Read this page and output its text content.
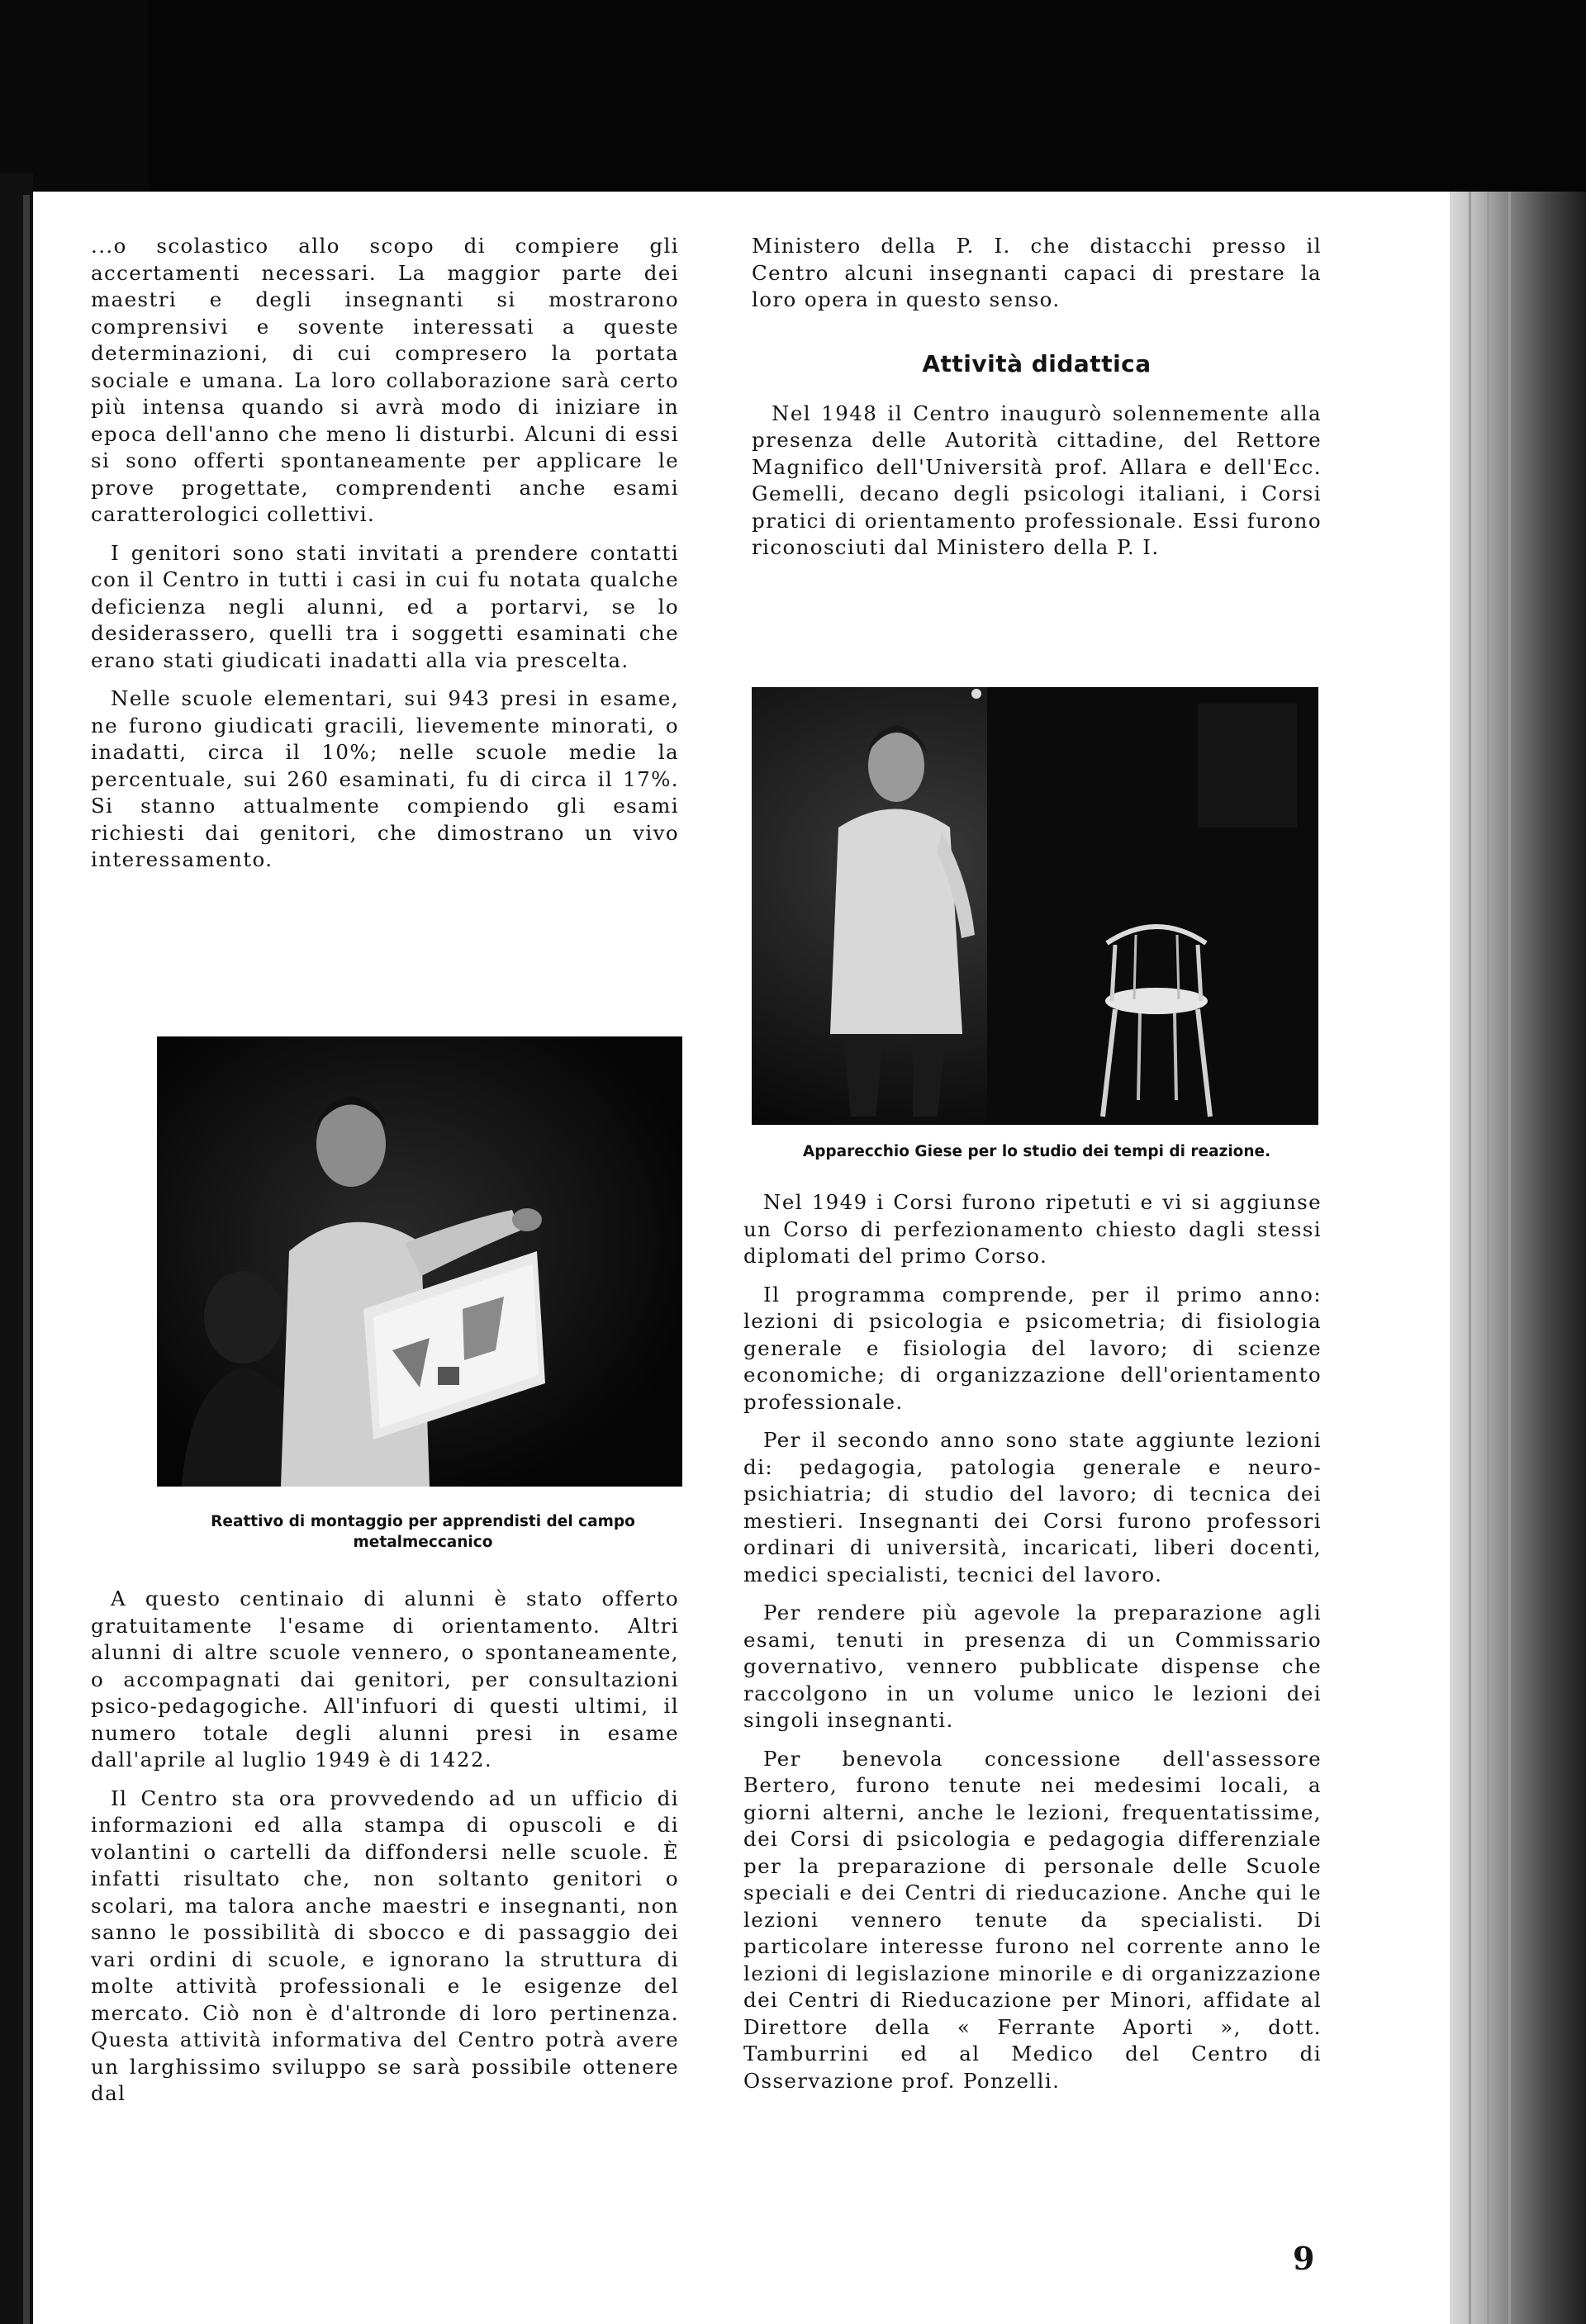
...o scolastico allo scopo di compiere gli accertamenti necessari. La maggior parte dei maestri e degli insegnanti si mostrarono comprensivi e sovente interessati a queste determinazioni, di cui compresero la portata sociale e umana. La loro collaborazione sarà certo più intensa quando si avrà modo di iniziare in epoca dell'anno che meno li disturbi. Alcuni di essi si sono offerti spontaneamente per applicare le prove progettate, comprendenti anche esami caratterologici collettivi.

I genitori sono stati invitati a prendere contatti con il Centro in tutti i casi in cui fu notata qualche deficienza negli alunni, ed a portarvi, se lo desiderassero, quelli tra i soggetti esaminati che erano stati giudicati inadatti alla via prescelta.

Nelle scuole elementari, sui 943 presi in esame, ne furono giudicati gracili, lievemente minorati, o inadatti, circa il 10%; nelle scuole medie la percentuale, sui 260 esaminati, fu di circa il 17%. Si stanno attualmente compiendo gli esami richiesti dai genitori, che dimostrano un vivo interessamento.

Reattivo di montaggio per apprendisti del campo metalmeccanico

A questo centinaio di alunni è stato offerto gratuitamente l'esame di orientamento. Altri alunni di altre scuole vennero, o spontaneamente, o accompagnati dai genitori, per consultazioni psico-pedagogiche. All'infuori di questi ultimi, il numero totale degli alunni presi in esame dall'aprile al luglio 1949 è di 1422.

Il Centro sta ora provvedendo ad un ufficio di informazioni ed alla stampa di opuscoli e di volantini o cartelli da diffondersi nelle scuole. È infatti risultato che, non soltanto genitori o scolari, ma talora anche maestri e insegnanti, non sanno le possibilità di sbocco e di passaggio dei vari ordini di scuole, e ignorano la struttura di molte attività professionali e le esigenze del mercato. Ciò non è d'altronde di loro pertinenza. Questa attività informativa del Centro potrà avere un larghissimo sviluppo se sarà possibile ottenere dal

Ministero della P. I. che distacchi presso il Centro alcuni insegnanti capaci di prestare la loro opera in questo senso.

Attività didattica

Nel 1948 il Centro inaugurò solennemente alla presenza delle Autorità cittadine, del Rettore Magnifico dell'Università prof. Allara e dell'Ecc. Gemelli, decano degli psicologi italiani, i Corsi pratici di orientamento professionale. Essi furono riconosciuti dal Ministero della P. I.

Apparecchio Giese per lo studio dei tempi di reazione.

Nel 1949 i Corsi furono ripetuti e vi si aggiunse un Corso di perfezionamento chiesto dagli stessi diplomati del primo Corso.

Il programma comprende, per il primo anno: lezioni di psicologia e psicometria; di fisiologia generale e fisiologia del lavoro; di scienze economiche; di organizzazione dell'orientamento professionale.

Per il secondo anno sono state aggiunte lezioni di: pedagogia, patologia generale e neuro-psichiatria; di studio del lavoro; di tecnica dei mestieri. Insegnanti dei Corsi furono professori ordinari di università, incaricati, liberi docenti, medici specialisti, tecnici del lavoro.

Per rendere più agevole la preparazione agli esami, tenuti in presenza di un Commissario governativo, vennero pubblicate dispense che raccolgono in un volume unico le lezioni dei singoli insegnanti.

Per benevola concessione dell'assessore Bertero, furono tenute nei medesimi locali, a giorni alterni, anche le lezioni, frequentatissime, dei Corsi di psicologia e pedagogia differenziale per la preparazione di personale delle Scuole speciali e dei Centri di rieducazione. Anche qui le lezioni vennero tenute da specialisti. Di particolare interesse furono nel corrente anno le lezioni di legislazione minorile e di organizzazione dei Centri di Rieducazione per Minori, affidate al Direttore della « Ferrante Aporti », dott. Tamburrini ed al Medico del Centro di Osservazione prof. Ponzelli.

9
